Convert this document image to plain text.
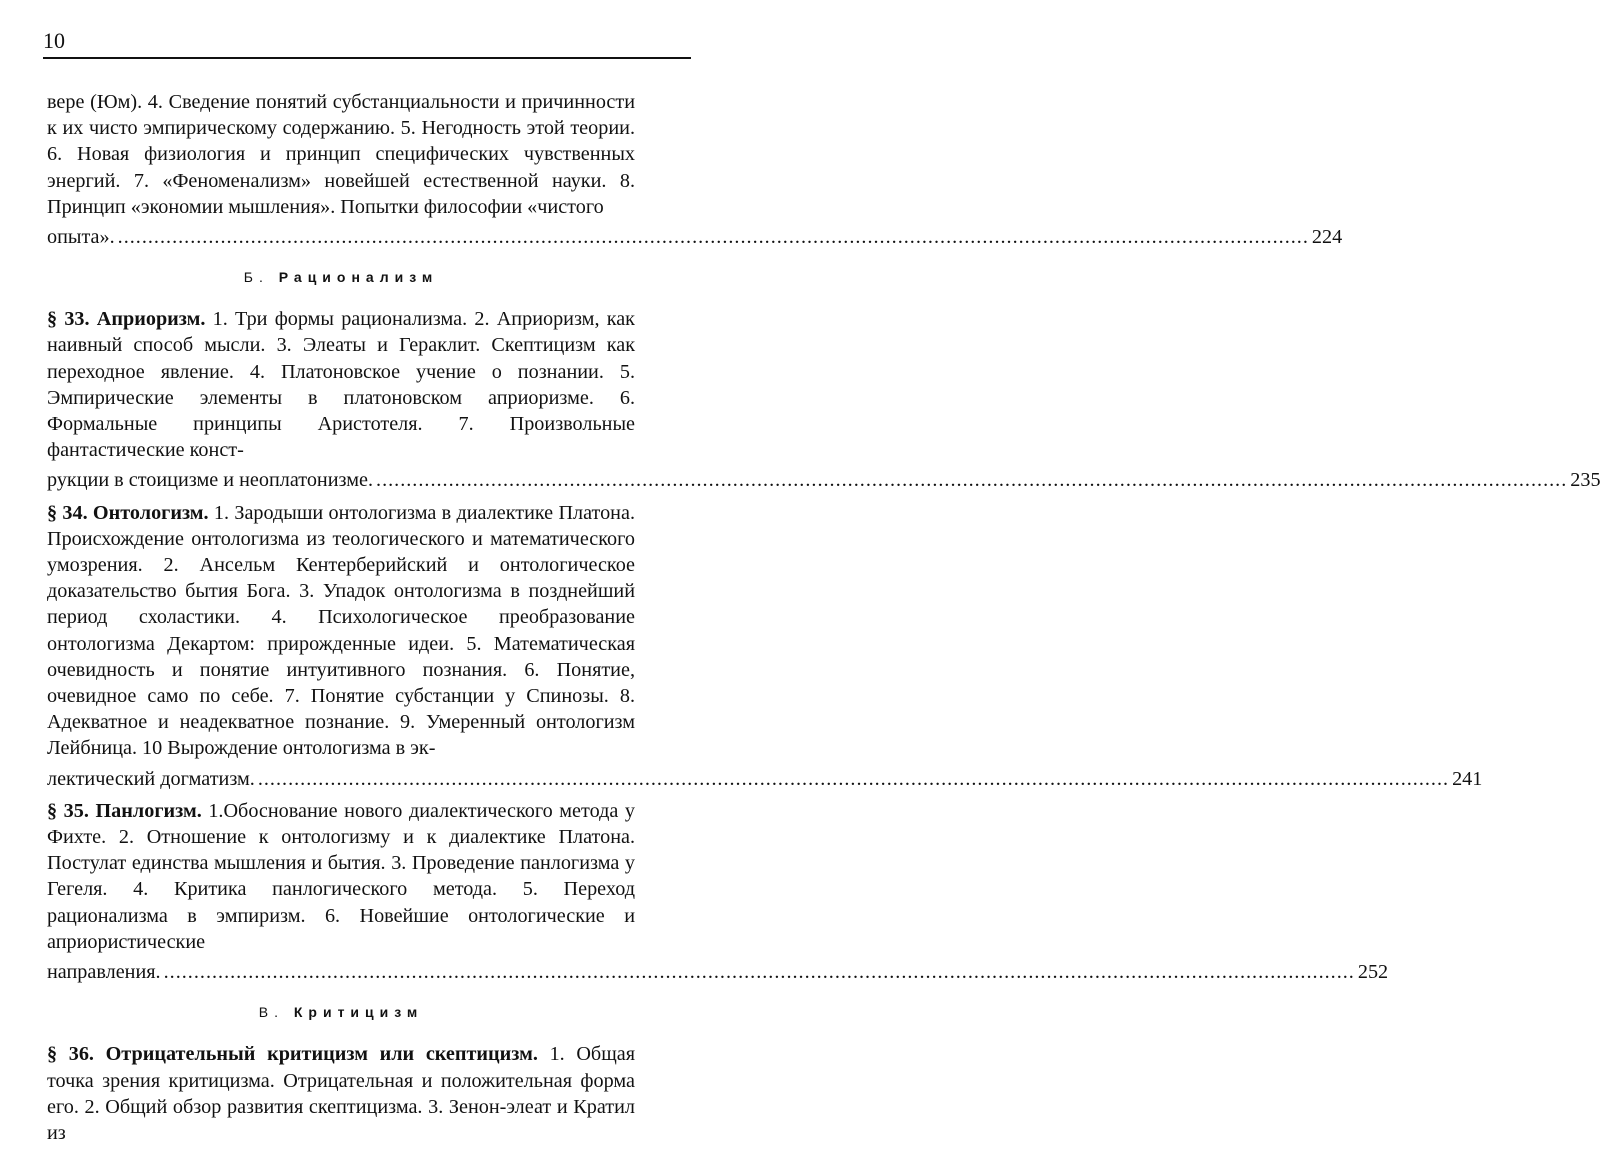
10

вере (Юм). 4. Сведение понятий субстанциальности и причинности к их чисто эмпирическому содержанию. 5. Негодность этой теории. 6. Новая физиология и принцип специфических чувственных энергий. 7. «Феноменализм» новейшей естественной науки. 8. Принцип «экономии мышления». Попытки философии «чистого

опыта». ..................................................................................................................................................................................................... 224
Б. Рационализм

§ 33. Априоризм. 1. Три формы рационализма. 2. Априоризм, как наивный способ мысли. 3. Элеаты и Гераклит. Скептицизм как переходное явление. 4. Платоновское учение о познании. 5. Эмпирические элементы в платоновском априоризме. 6. Формальные принципы Аристотеля. 7. Произвольные фантастические конст-

рукции в стоицизме и неоплатонизме. ..................................................................................................................................................................................................... 235

§ 34. Онтологизм. 1. Зародыши онтологизма в диалектике Платона. Происхождение онтологизма из теологического и математического умозрения. 2. Ансельм Кентерберийский и онтологическое доказательство бытия Бога. 3. Упадок онтологизма в позднейший период схоластики. 4. Психологическое преобразование онтологизма Декартом: прирожденные идеи. 5. Математическая очевидность и понятие интуитивного познания. 6. Понятие, очевидное само по себе. 7. Понятие субстанции у Спинозы. 8. Адекватное и неадекватное познание. 9. Умеренный онтологизм Лейбница. 10 Вырождение онтологизма в эк-

лектический догматизм. ..................................................................................................................................................................................................... 241

§ 35. Панлогизм. 1.Обоснование нового диалектического метода у Фихте. 2. Отношение к онтологизму и к диалектике Платона. Постулат единства мышления и бытия. 3. Проведение панлогизма у Гегеля. 4. Критика панлогического метода. 5. Переход рационализма в эмпиризм. 6. Новейшие онтологические и априористические

направления. ..................................................................................................................................................................................................... 252
В. Критицизм

§ 36. Отрицательный критицизм или скептицизм. 1. Общая точка зрения критицизма. Отрицательная и положительная форма его. 2. Общий обзор развития скептицизма. 3. Зенон-элеат и Кратил из
